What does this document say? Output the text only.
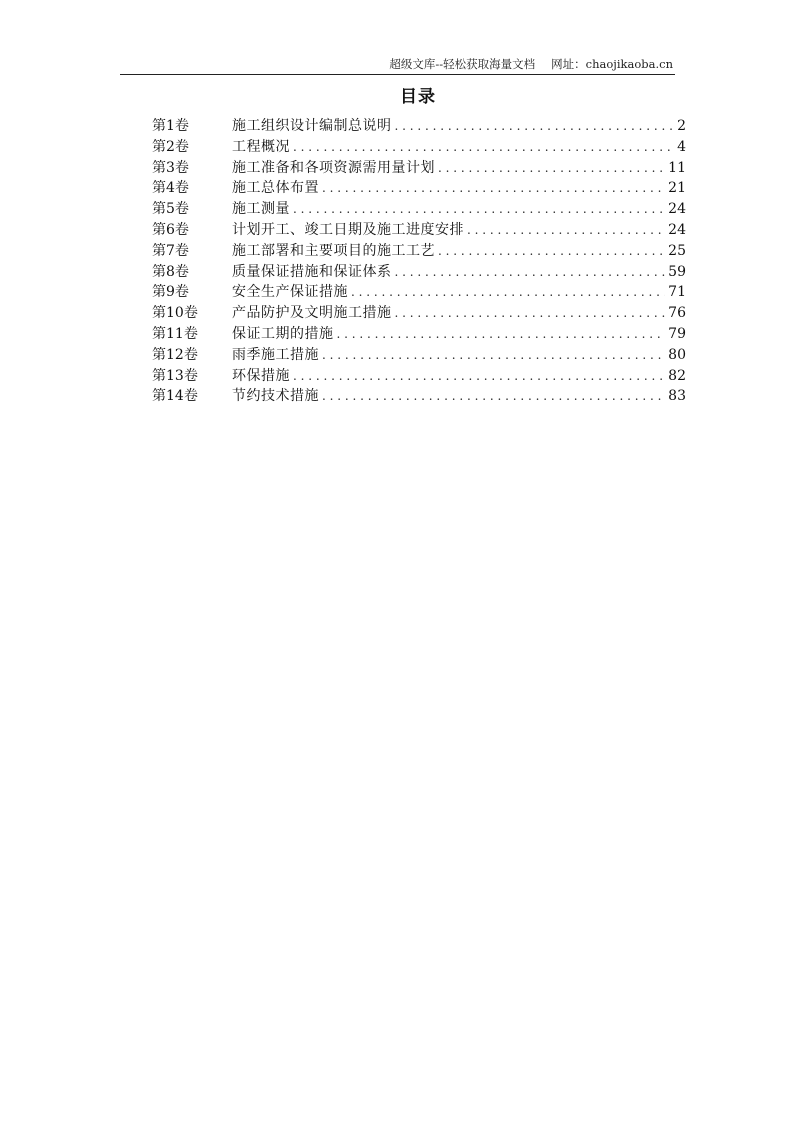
超级文库--轻松获取海量文档 网址：chaojikaoba.cn
目录
第1卷	施工组织设计编制总说明 . . .	2
第2卷	工程概况 . . .	4
第3卷	施工准备和各项资源需用量计划 . . .	11
第4卷	施工总体布置 . . .	21
第5卷	施工测量 . . .	24
第6卷	计划开工、竣工日期及施工进度安排 . . .	24
第7卷	施工部署和主要项目的施工工艺 . . .	25
第8卷	质量保证措施和保证体系 . . .	59
第9卷	安全生产保证措施 . . .	71
第10卷	产品防护及文明施工措施 . . .	76
第11卷	保证工期的措施 . . .	79
第12卷	雨季施工措施 . . .	80
第13卷	环保措施 . . .	82
第14卷	节约技术措施 . . .	83
